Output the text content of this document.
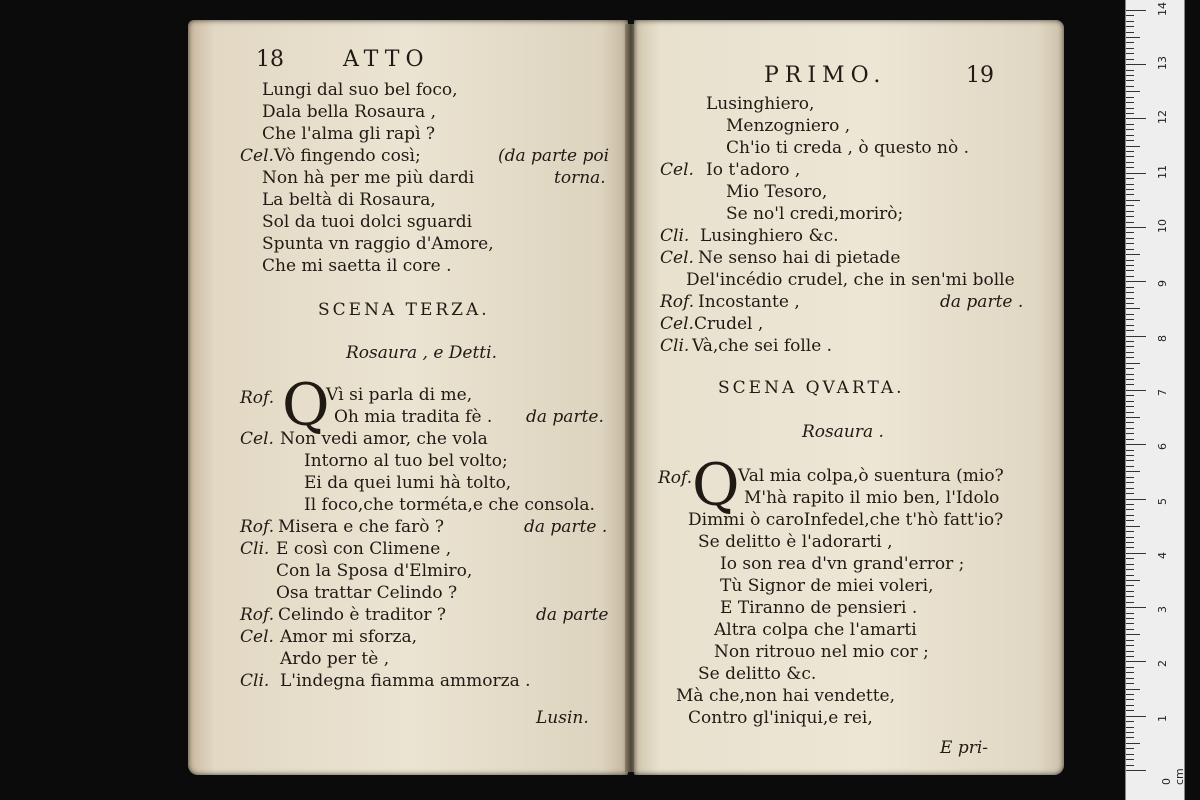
18	ATTO
Lungi dal suo bel foco,
Dala bella Rosaura ,
Che l'alma gli rapì ?
Cel. Vò fingendo così;	(da parte poi
Non hà per me più dardi	torna.
La beltà di Rosaura,
Sol da tuoi dolci sguardi
Spunta vn raggio d'Amore,
Che mi saetta il core .
SCENA TERZA.
Rosaura , e Detti.
Rof. Q
Vì si parla di me,
Oh mia tradita fè . da parte.
Cel. Non vedi amor, che vola
Intorno al tuo bel volto;
Ei da quei lumi hà tolto,
Il foco,che torméta,e che consola.
Rof. Misera e che farò ?	da parte .
Cli. E così con Climene ,
Con la Sposa d'Elmiro,
Osa trattar Celindo ?
Rof. Celindo è traditor ?	da parte
Cel. Amor mi sforza,
Ardo per tè ,
Cli. L'indegna fiamma ammorza .
Lusin.
PRIMO.	19
Lusinghiero,
Menzogniero ,
Ch'io ti creda , ò questo nò .
Cel. Io t'adoro ,
Mio Tesoro,
Se no'l credi,morirò;
Cli. Lusinghiero &c.
Cel. Ne senso hai di pietade
Del'incédio crudel, che in sen'mi bolle
Rof. Incostante ,	da parte .
Cel. Crudel ,
Cli. Và,che sei folle .
SCENA QVARTA.
Rosaura .
Rof. Q
Val mia colpa,ò suentura (mio?
M'hà rapito il mio ben, l'Idolo
Dimmi ò caroInfedel,che t'hò fatt'io?
Se delitto è l'adorarti ,
Io son rea d'vn grand'error ;
Tù Signor de miei voleri,
E Tiranno de pensieri .
Altra colpa che l'amarti
Non ritrouo nel mio cor ;
Se delitto &c.
Mà che,non hai vendette,
Contro gl'iniqui,e rei,
E pri-
0 cm
1
2
3
4
5
6
7
8
9
10
11
12
13
14
